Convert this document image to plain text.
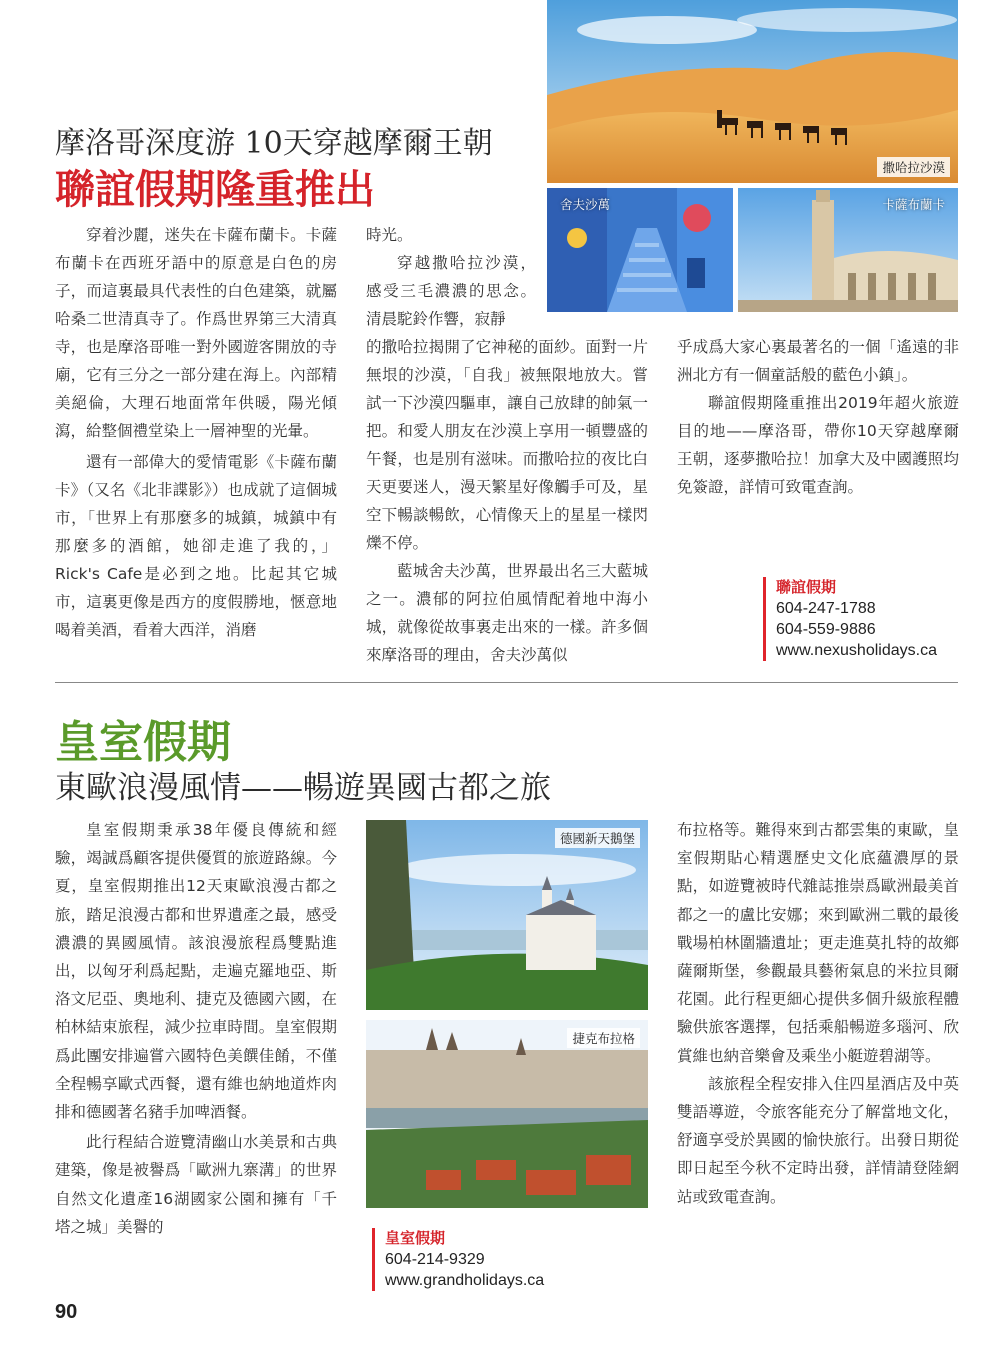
撒哈拉沙漠
舍夫沙萬	卡薩布蘭卡
摩洛哥深度游 10天穿越摩爾王朝
聯誼假期隆重推出

穿着沙麗，迷失在卡薩布蘭卡。卡薩布蘭卡在西班牙語中的原意是白色的房子，而這裏最具代表性的白色建築，就屬哈桑二世清真寺了。作爲世界第三大清真寺，也是摩洛哥唯一對外國遊客開放的寺廟，它有三分之一部分建在海上。內部精美絕倫，大理石地面常年供暖，陽光傾瀉，給整個禮堂染上一層神聖的光暈。

還有一部偉大的愛情電影《卡薩布蘭卡》（又名《北非諜影》）也成就了這個城市，「世界上有那麼多的城鎮，城鎮中有那麼多的酒館，她卻走進了我的，」Rick's Cafe是必到之地。比起其它城市，這裏更像是西方的度假勝地，愜意地喝着美酒，看着大西洋，消磨

時光。

穿越撒哈拉沙漠，感受三毛濃濃的思念。清晨駝鈴作響，寂靜

的撒哈拉揭開了它神秘的面紗。面對一片無垠的沙漠，「自我」被無限地放大。嘗試一下沙漠四驅車，讓自己放肆的帥氣一把。和愛人朋友在沙漠上享用一頓豐盛的午餐，也是別有滋味。而撒哈拉的夜比白天更要迷人，漫天繁星好像觸手可及，星空下暢談暢飲，心情像天上的星星一樣閃爍不停。

藍城舍夫沙萬，世界最出名三大藍城之一。濃郁的阿拉伯風情配着地中海小城，就像從故事裏走出來的一樣。許多個來摩洛哥的理由，舍夫沙萬似

乎成爲大家心裏最著名的一個「遙遠的非洲北方有一個童話般的藍色小鎮」。

聯誼假期隆重推出2019年超火旅遊目的地——摩洛哥，帶你10天穿越摩爾王朝，逐夢撒哈拉！加拿大及中國護照均免簽證，詳情可致電查詢。

聯誼假期
604-247-1788
604-559-9886
www.nexusholidays.ca
皇室假期
東歐浪漫風情——暢遊異國古都之旅

皇室假期秉承38年優良傳統和經驗，竭誠爲顧客提供優質的旅遊路線。今夏，皇室假期推出12天東歐浪漫古都之旅，踏足浪漫古都和世界遺產之最，感受濃濃的異國風情。該浪漫旅程爲雙點進出，以匈牙利爲起點，走遍克羅地亞、斯洛文尼亞、奧地利、捷克及德國六國，在柏林結束旅程，減少拉車時間。皇室假期爲此團安排遍嘗六國特色美饌佳餚，不僅全程暢享歐式西餐，還有維也納地道炸肉排和德國著名豬手加啤酒餐。

此行程結合遊覽清幽山水美景和古典建築，像是被譽爲「歐洲九寨溝」的世界自然文化遺產16湖國家公園和擁有「千塔之城」美譽的

德國新天鵝堡
捷克布拉格
皇室假期
604-214-9329
www.grandholidays.ca

布拉格等。難得來到古都雲集的東歐，皇室假期貼心精選歷史文化底蘊濃厚的景點，如遊覽被時代雜誌推崇爲歐洲最美首都之一的盧比安娜；來到歐洲二戰的最後戰場柏林圍牆遺址；更走進莫扎特的故鄉薩爾斯堡，參觀最具藝術氣息的米拉貝爾花園。此行程更細心提供多個升級旅程體驗供旅客選擇，包括乘船暢遊多瑙河、欣賞維也納音樂會及乘坐小艇遊碧湖等。

該旅程全程安排入住四星酒店及中英雙語導遊，令旅客能充分了解當地文化，舒適享受於異國的愉快旅行。出發日期從即日起至今秋不定時出發，詳情請登陸網站或致電查詢。

90
